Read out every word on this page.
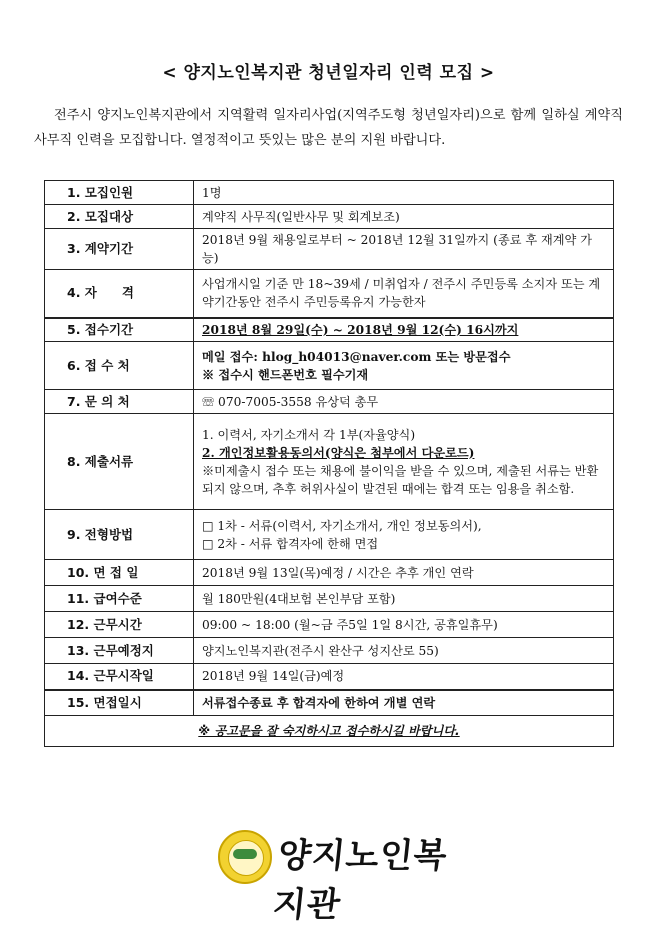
< 양지노인복지관 청년일자리 인력 모집 >
전주시 양지노인복지관에서 지역활력 일자리사업(지역주도형 청년일자리)으로 함께 일하실 계약직 사무직 인력을 모집합니다. 열정적이고 뜻있는 많은 분의 지원 바랍니다.
1. 모집인원	1명

2. 모집대상	계약직 사무직(일반사무 및 회계보조)

3. 계약기간	2018년 9월 채용일로부터 ~ 2018년 12월 31일까지 (종료 후 재계약 가능)

4. 자　　격	사업개시일 기준 만 18~39세 / 미취업자 / 전주시 주민등록 소지자 또는 계약기간동안 전주시 주민등록유지 가능한자

5. 접수기간	2018년 8월 29일(수) ~ 2018년 9월 12(수) 16시까지

6. 접 수 처	메일 접수: hlog_h04013@naver.com 또는 방문접수
※ 접수시 핸드폰번호 필수기재

7. 문 의 처	☏ 070-7005-3558 유상덕 총무

8. 제출서류	1. 이력서, 자기소개서 각 1부(자율양식)
2. 개인정보활용동의서(양식은 첨부에서 다운로드)
※미제출시 접수 또는 채용에 불이익을 받을 수 있으며, 제출된 서류는 반환되지 않으며, 추후 허위사실이 발견된 때에는 합격 또는 임용을 취소함.

9. 전형방법	□ 1차 - 서류(이력서, 자기소개서, 개인 정보동의서),
□ 2차 - 서류 합격자에 한해 면접

10. 면 접 일	2018년 9월 13일(목)예정 / 시간은 추후 개인 연락

11. 급여수준	월 180만원(4대보험 본인부담 포함)

12. 근무시간	09:00 ~ 18:00 (월~금 주5일 1일 8시간, 공휴일휴무)

13. 근무예정지	양지노인복지관(전주시 완산구 성지산로 55)

14. 근무시작일	2018년 9월 14일(금)예정

15. 면접일시	서류접수종료 후 합격자에 한하여 개별 연락

※ 공고문을 잘 숙지하시고 접수하시길 바랍니다.	
양지노인복지관
